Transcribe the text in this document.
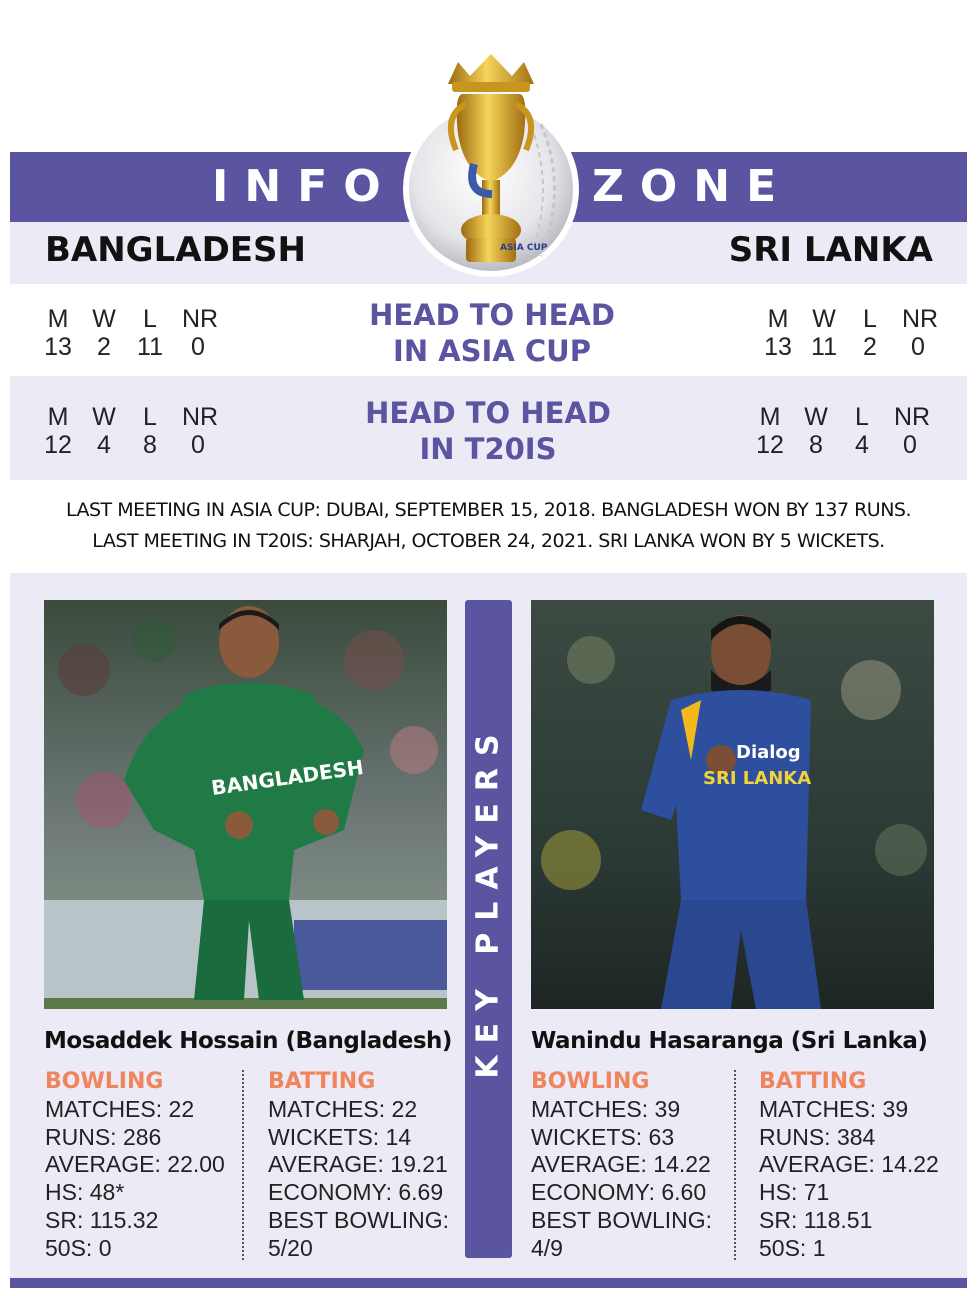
INFO	ZONE
BANGLADESH	SRI LANKA
ASIA CUP
M W L NR
13 2 11	0
HEAD TO HEAD
IN ASIA CUP
M W L NR
13 11 2	0
M W L NR
12 4 8	0
HEAD TO HEAD
IN T20IS
M W L NR
12 8 4	0
LAST MEETING IN ASIA CUP: DUBAI, SEPTEMBER 15, 2018. BANGLADESH WON BY 137 RUNS.
LAST MEETING IN T20IS: SHARJAH, OCTOBER 24, 2021. SRI LANKA WON BY 5 WICKETS.
BANGLADESH	KEY PLAYERS	Dialog
SRI LANKA
Mosaddek Hossain (Bangladesh)	Wanindu Hasaranga (Sri Lanka)
BOWLING
MATCHES: 22
RUNS: 286
AVERAGE: 22.00
HS: 48*
SR: 115.32
50S: 0
BATTING
MATCHES: 22
WICKETS: 14
AVERAGE: 19.21
ECONOMY: 6.69
BEST BOWLING:
5/20
BOWLING
MATCHES: 39
WICKETS: 63
AVERAGE: 14.22
ECONOMY: 6.60
BEST BOWLING:
4/9
BATTING
MATCHES: 39
RUNS: 384
AVERAGE: 14.22
HS: 71
SR: 118.51
50S: 1
